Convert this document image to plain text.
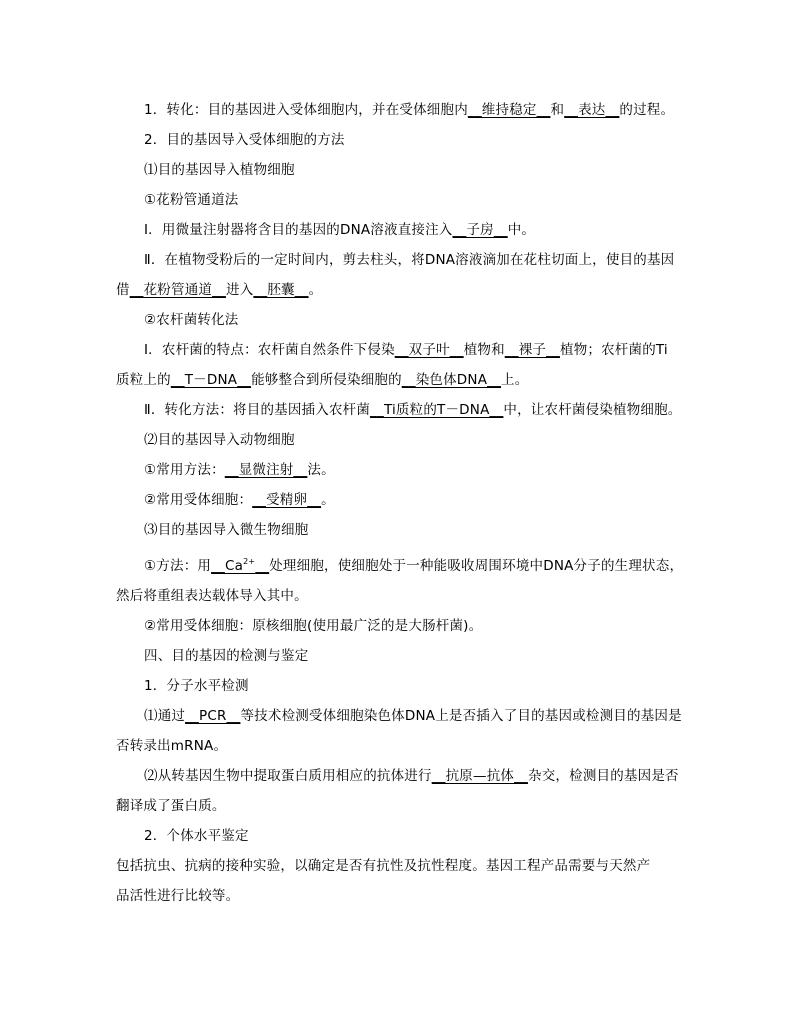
1．转化：目的基因进入受体细胞内，并在受体细胞内__维持稳定__和__表达__的过程。
2．目的基因导入受体细胞的方法
⑴目的基因导入植物细胞
①花粉管通道法
Ⅰ．用微量注射器将含目的基因的DNA溶液直接注入__子房__中。
Ⅱ．在植物受粉后的一定时间内，剪去柱头，将DNA溶液滴加在花柱切面上，使目的基因
借__花粉管通道__进入__胚囊__。
②农杆菌转化法
Ⅰ．农杆菌的特点：农杆菌自然条件下侵染__双子叶__植物和__裸子__植物；农杆菌的Ti
质粒上的__T－DNA__能够整合到所侵染细胞的__染色体DNA__上。
Ⅱ．转化方法：将目的基因插入农杆菌__Ti质粒的T－DNA__中，让农杆菌侵染植物细胞。
⑵目的基因导入动物细胞
①常用方法：__显微注射__法。
②常用受体细胞：__受精卵__。
⑶目的基因导入微生物细胞
①方法：用$\_\_Ca^{2+}\_\_$处理细胞，使细胞处于一种能吸收周围环境中DNA分子的生理状态，
然后将重组表达载体导入其中。
②常用受体细胞：原核细胞(使用最广泛的是大肠杆菌)。
四、目的基因的检测与鉴定
1．分子水平检测
⑴通过__PCR__等技术检测受体细胞染色体DNA上是否插入了目的基因或检测目的基因是
否转录出mRNA。
⑵从转基因生物中提取蛋白质用相应的抗体进行__抗原—抗体__杂交，检测目的基因是否
翻译成了蛋白质。
2．个体水平鉴定
包括抗虫、抗病的接种实验，以确定是否有抗性及抗性程度。基因工程产品需要与天然产
品活性进行比较等。
